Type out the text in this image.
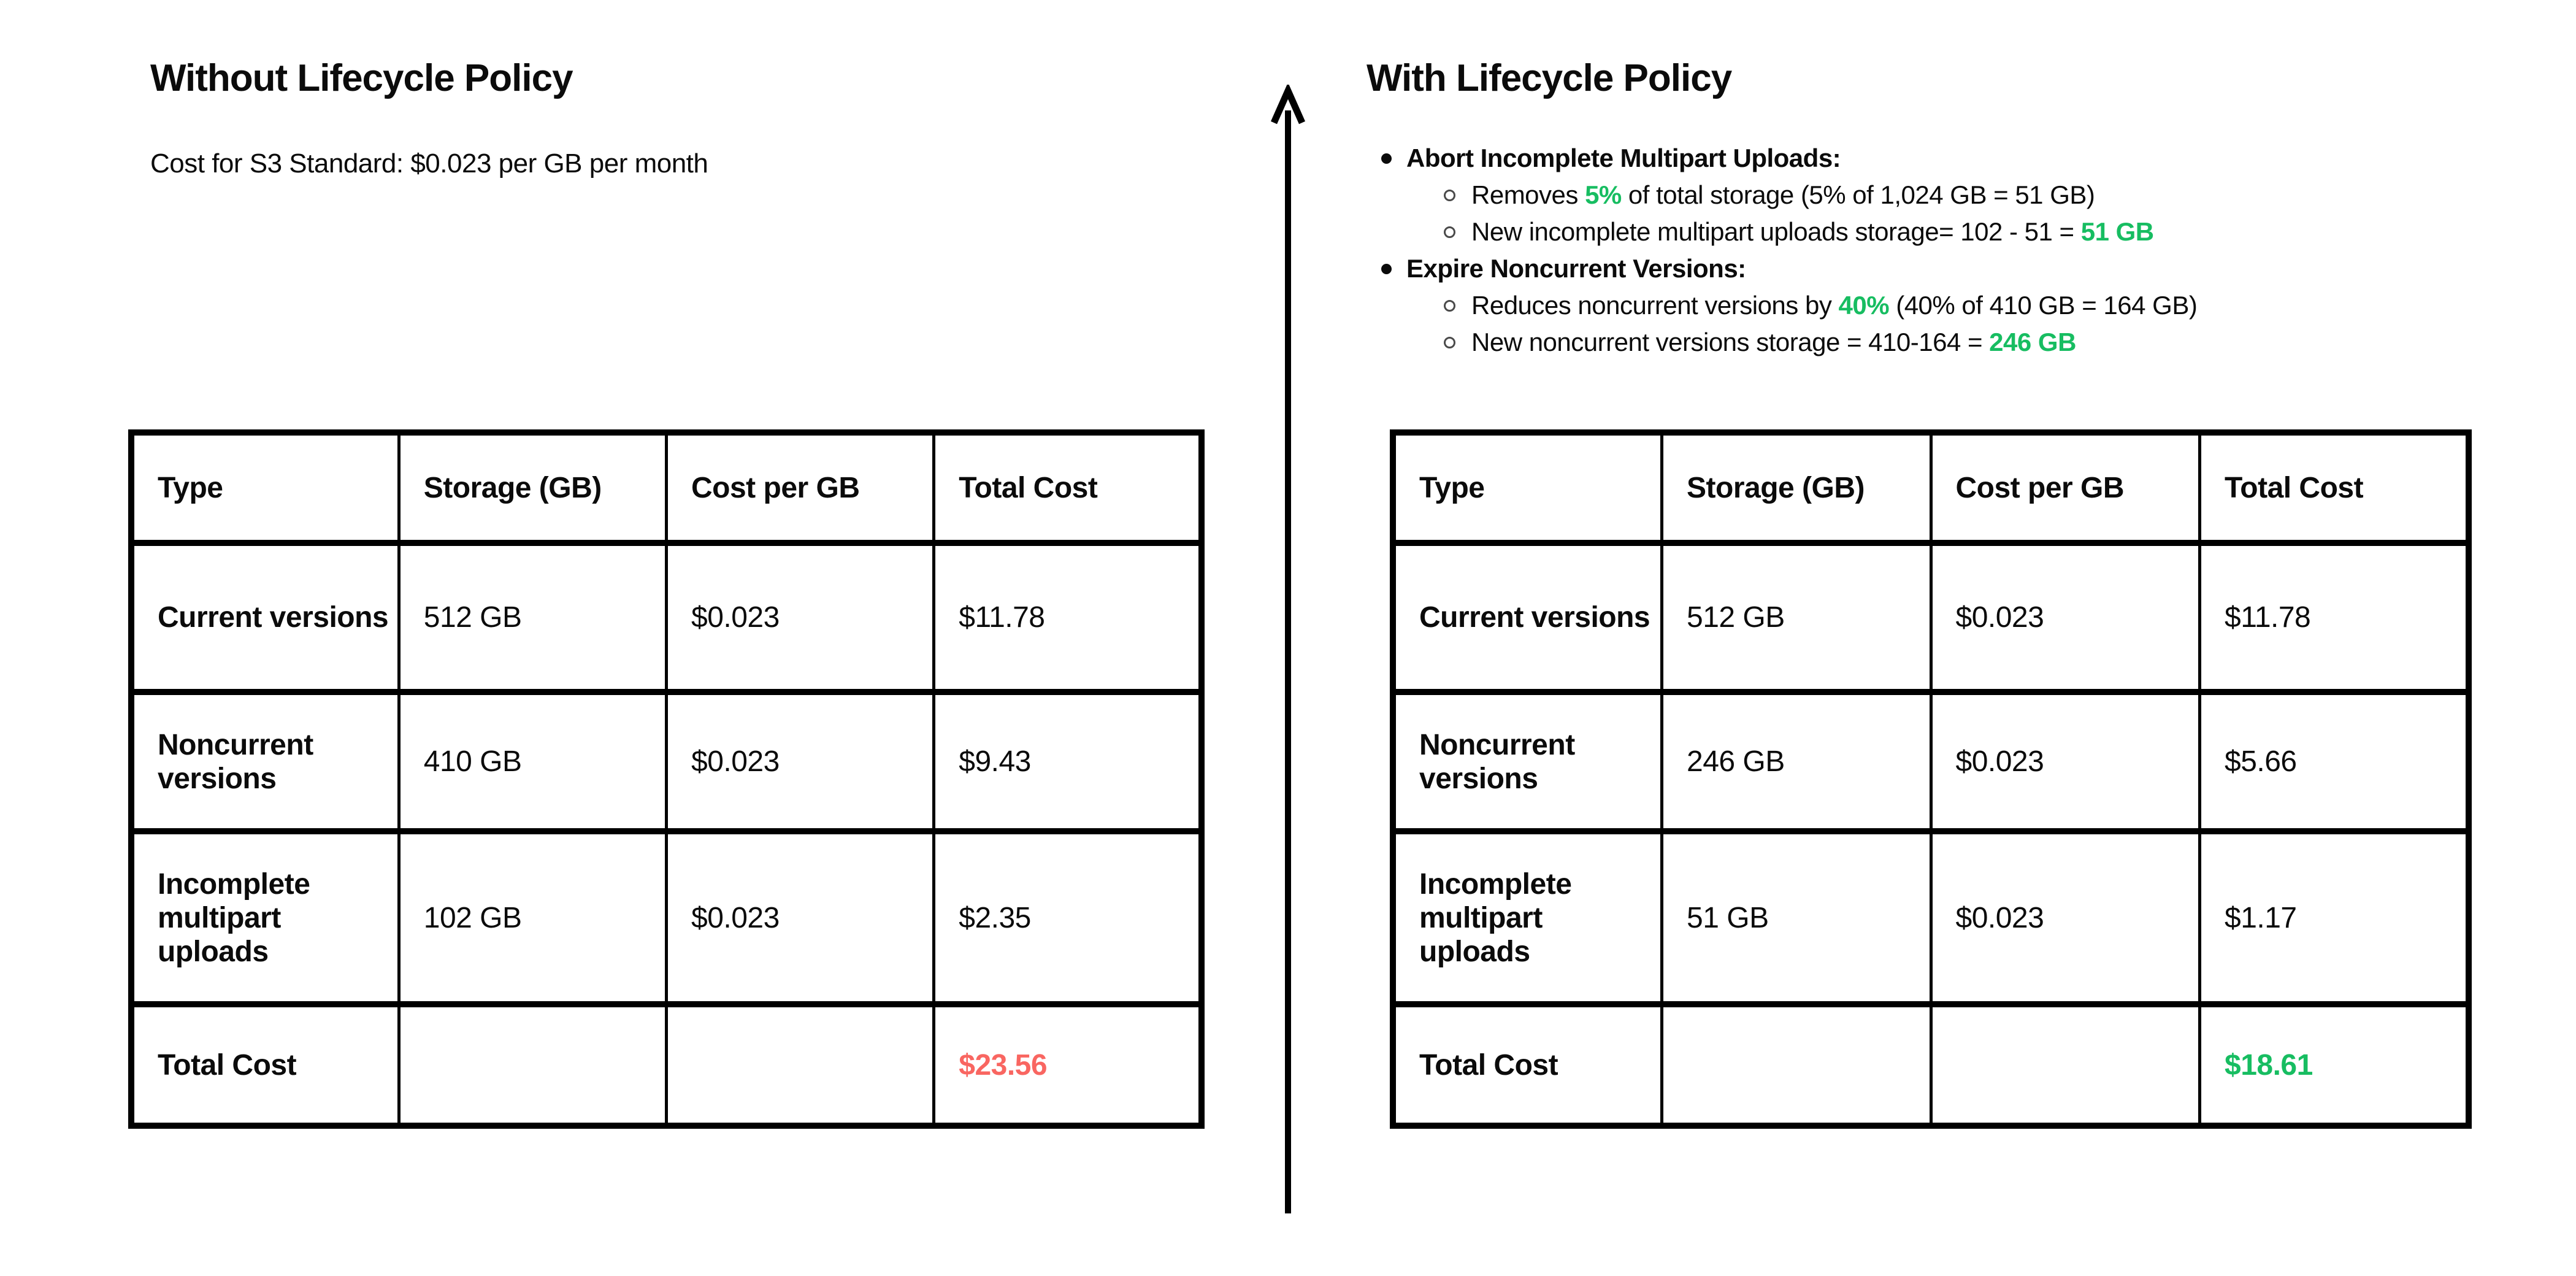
Without Lifecycle Policy
Cost for S3 Standard: $0.023 per GB per month
Type	Storage (GB)	Cost per GB	Total Cost
Current versions	512 GB	$0.023	$11.78
Noncurrent versions	410 GB	$0.023	$9.43
Incomplete multipart uploads	102 GB	$0.023	$2.35
Total Cost			$23.56
With Lifecycle Policy
Abort Incomplete Multipart Uploads:
Removes 5% of total storage (5% of 1,024 GB = 51 GB)
New incomplete multipart uploads storage= 102 - 51 = 51 GB
Expire Noncurrent Versions:
Reduces noncurrent versions by 40% (40% of 410 GB = 164 GB)
New noncurrent versions storage = 410-164 = 246 GB
Type	Storage (GB)	Cost per GB	Total Cost
Current versions	512 GB	$0.023	$11.78
Noncurrent versions	246 GB	$0.023	$5.66
Incomplete multipart uploads	51 GB	$0.023	$1.17
Total Cost			$18.61
